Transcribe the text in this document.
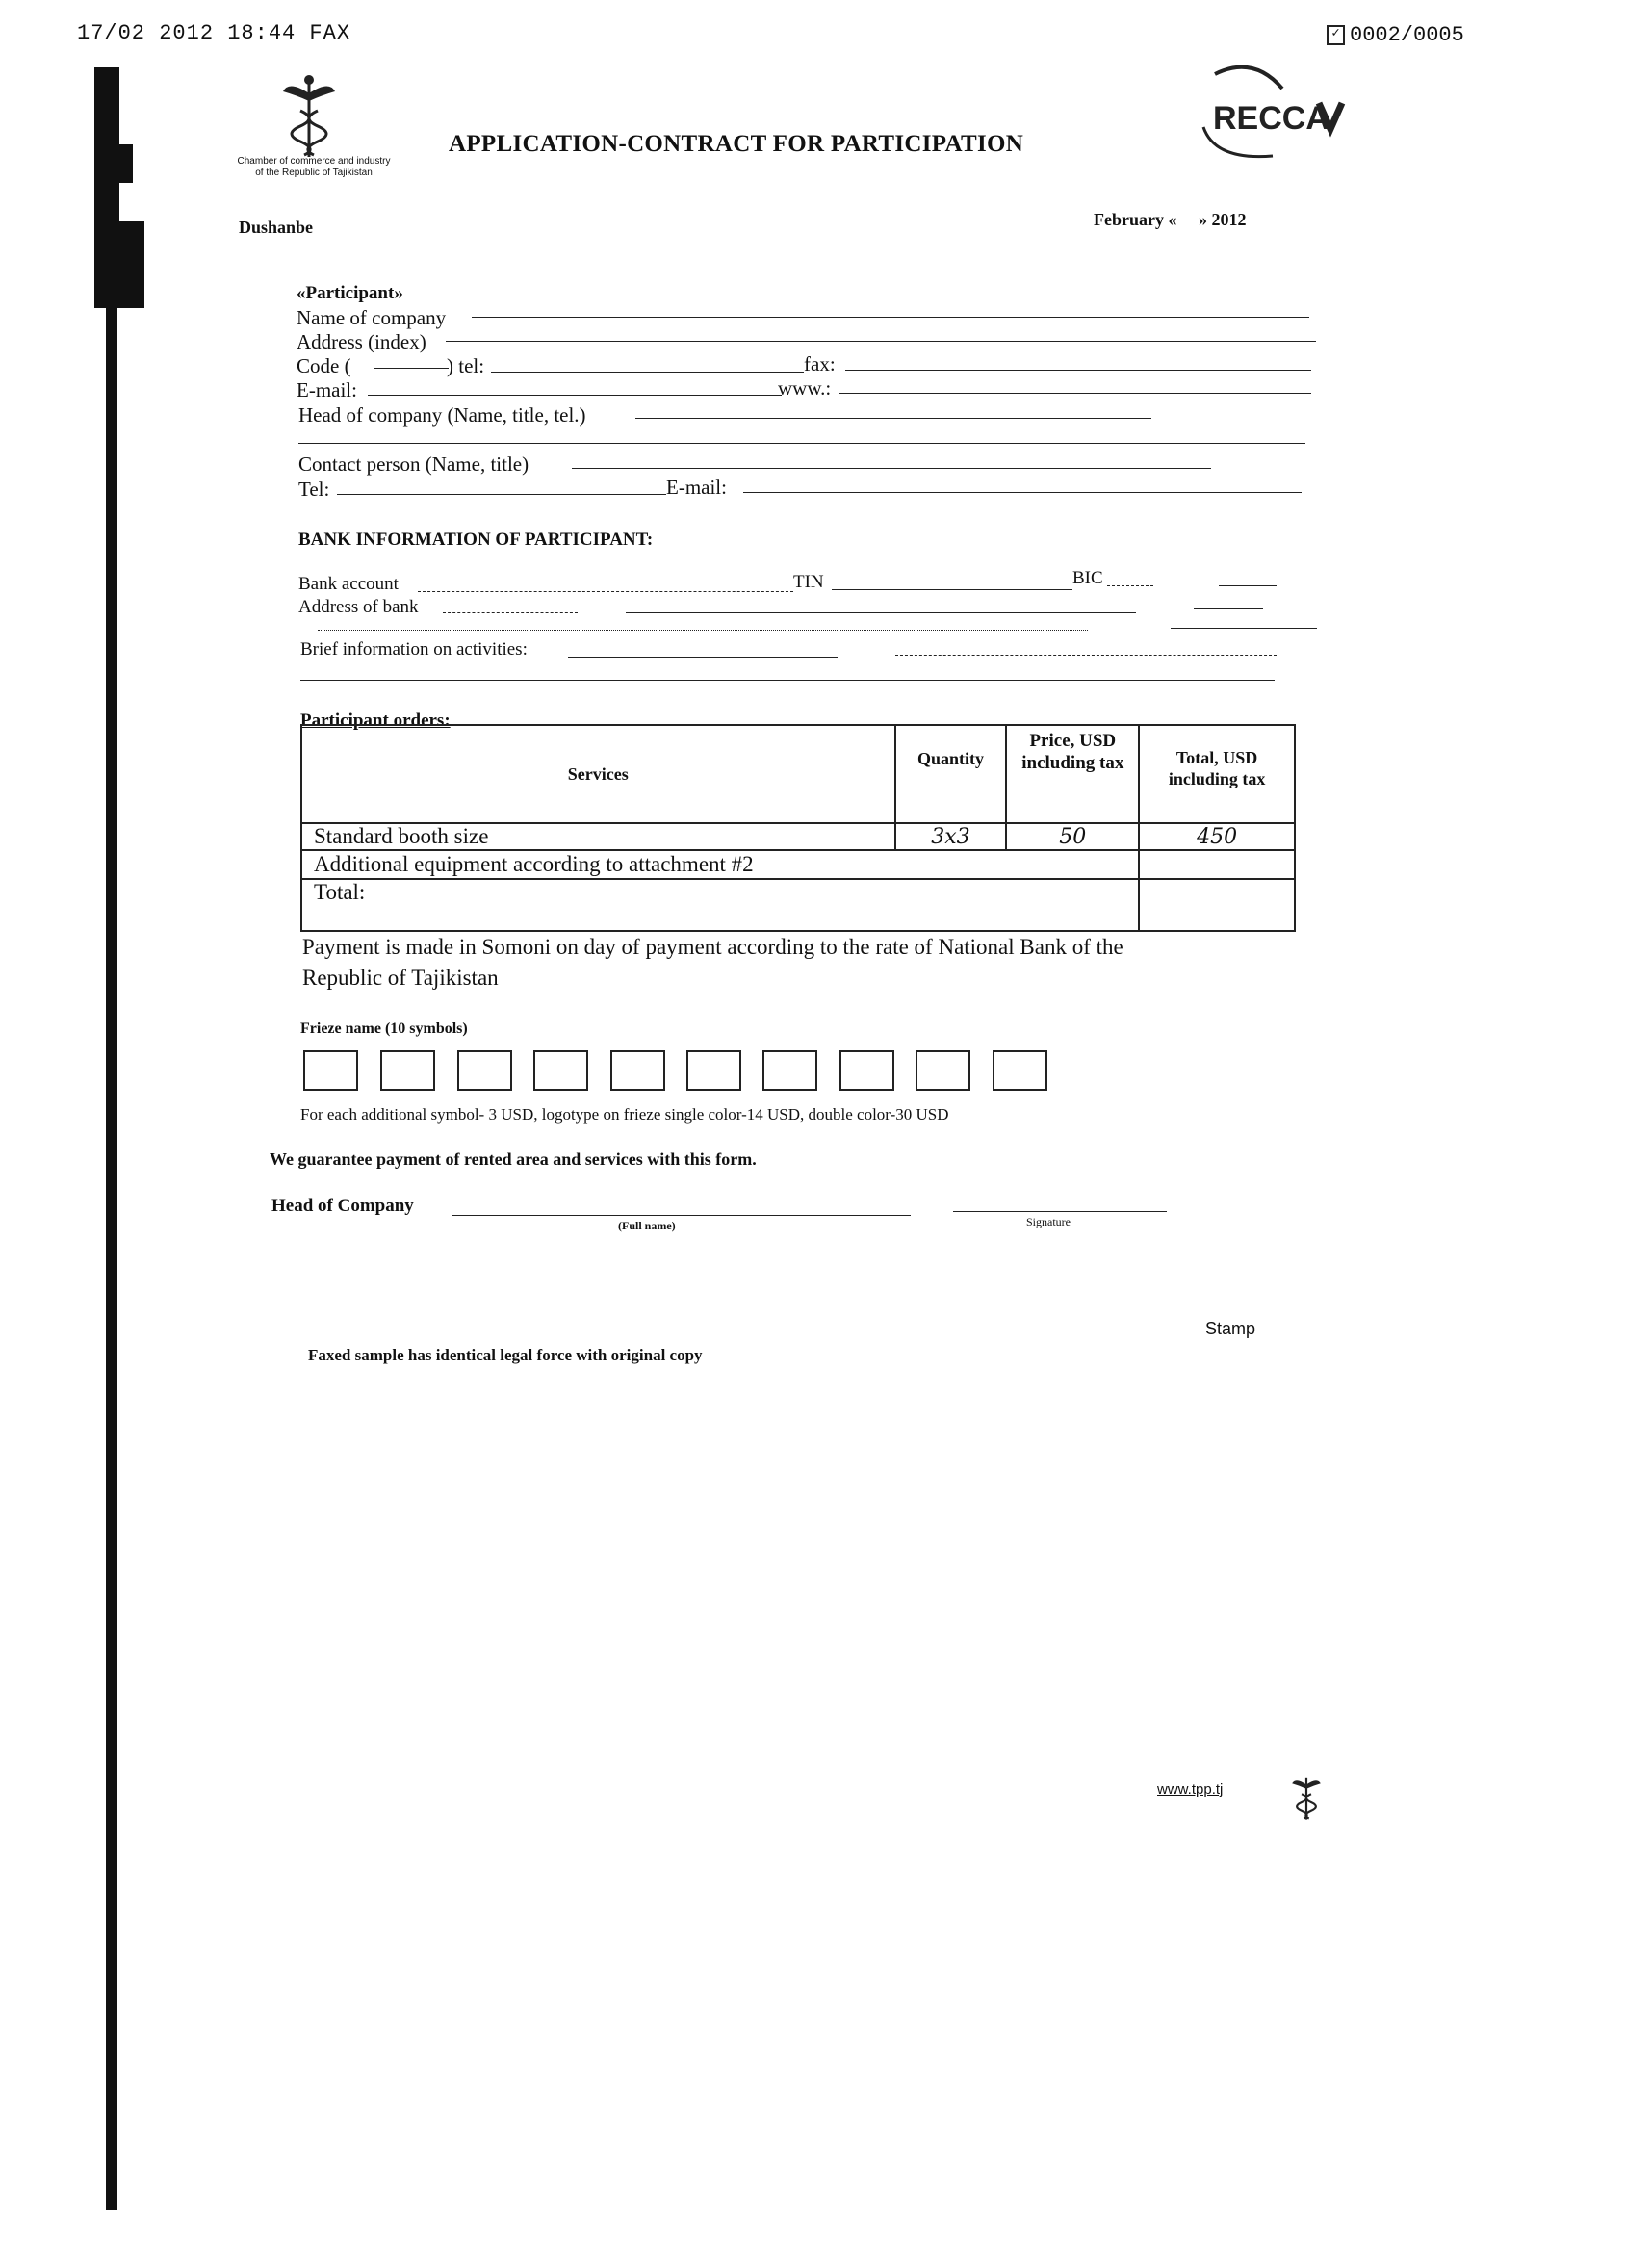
17/02 2012 18:44 FAX	✓ 0002/0005
Chamber of commerce and industry
of the Republic of Tajikistan
RECCA
APPLICATION-CONTRACT FOR PARTICIPATION
Dushanbe	February «     » 2012
«Participant»
Name of company
Address (index)
Code (	) tel:	fax:
E-mail:	www.:
Head of company (Name, title, tel.)
Contact person (Name, title)
Tel:	E-mail:
BANK INFORMATION OF PARTICIPANT:
Bank account	TIN	BIC
Address of bank
Brief information on activities:
Participant orders:
Services	Quantity	Price, USD including tax	Total, USD including tax
Standard booth size	3x3	50	450
Additional equipment according to attachment #2			
Total:			
Payment is made in Somoni on day of payment according to the rate of National Bank of the
Republic of Tajikistan
Frieze name (10 symbols)
For each additional symbol- 3 USD, logotype on frieze single color-14 USD, double color-30 USD
We guarantee payment of rented area and services with this form.
Head of Company
(Full name)	Signature
Stamp
Faxed sample has identical legal force with original copy
www.tpp.tj
